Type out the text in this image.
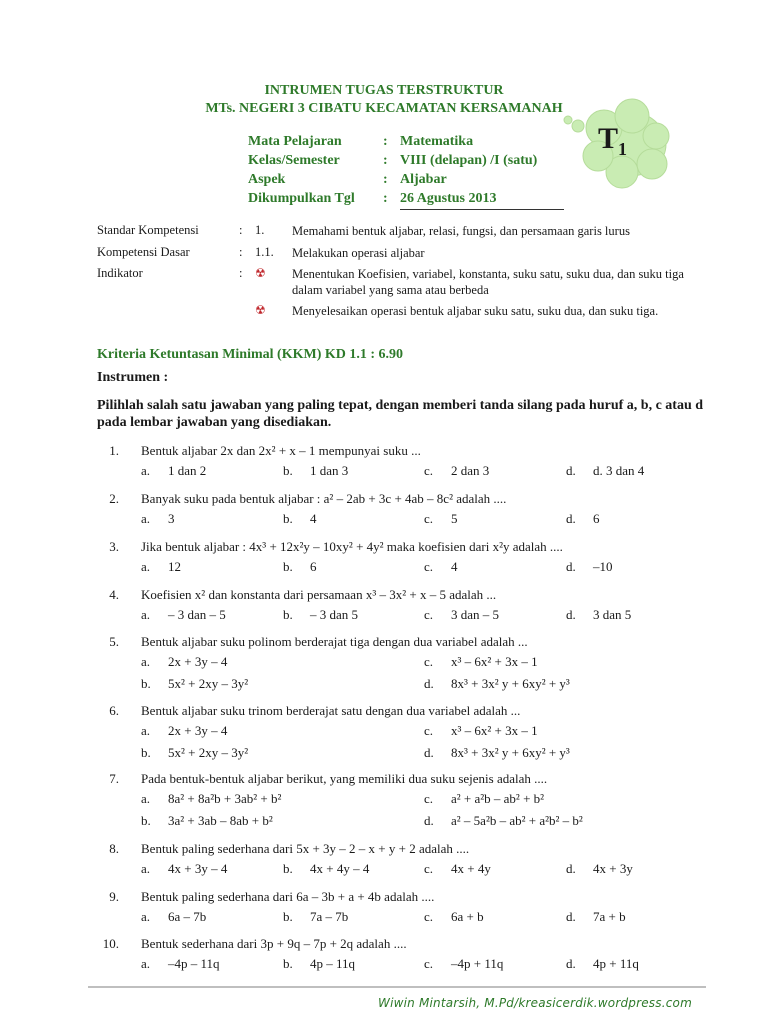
INTRUMEN TUGAS TERSTRUKTUR
MTs. NEGERI 3 CIBATU KECAMATAN KERSAMANAH
$T_1$
Mata Pelajaran	: Matematika
Kelas/Semester	: VIII (delapan) /I (satu)
Aspek	: Aljabar
Dikumpulkan Tgl	: 26 Agustus 2013
Standar Kompetensi	:	1.	Memahami bentuk aljabar, relasi, fungsi, dan persamaan garis lurus
Kompetensi Dasar	:	1.1.	Melakukan operasi aljabar
Indikator	:	☢	Menentukan Koefisien, variabel, konstanta, suku satu, suku dua, dan suku tiga dalam variabel yang sama atau berbeda
☢	Menyelesaikan operasi bentuk aljabar suku satu, suku dua, dan suku tiga.
Kriteria Ketuntasan Minimal (KKM) KD 1.1 : 6.90
Instrumen :
Pilihlah salah satu jawaban yang paling tepat, dengan memberi tanda silang pada huruf a, b, c atau d pada lembar jawaban yang disediakan.
1.	Bentuk aljabar 2x dan 2x² + x – 1 mempunyai suku ...
a.	1 dan 2	b.	1 dan 3	c.	2 dan 3	d.	d. 3 dan 4
2.	Banyak suku pada bentuk aljabar : a² – 2ab + 3c + 4ab – 8c² adalah ....
a.	3	b.	4	c.	5	d.	6
3.	Jika bentuk aljabar : 4x³ + 12x²y – 10xy² + 4y² maka koefisien dari x²y adalah ....
a.	12	b.	6	c.	4	d.	–10
4.	Koefisien x² dan konstanta dari persamaan x³ – 3x² + x – 5 adalah ...
a.	– 3 dan – 5	b.	– 3 dan 5	c.	3 dan – 5	d.	3 dan 5
5.	Bentuk aljabar suku polinom berderajat tiga dengan dua variabel adalah ...
a.	2x + 3y – 4	c.	x³ – 6x² + 3x – 1
b.	5x² + 2xy – 3y²	d.	8x³ + 3x² y + 6xy² + y³
6.	Bentuk aljabar suku trinom berderajat satu dengan dua variabel adalah ...
a.	2x + 3y – 4	c.	x³ – 6x² + 3x – 1
b.	5x² + 2xy – 3y²	d.	8x³ + 3x² y + 6xy² + y³
7.	Pada bentuk-bentuk aljabar berikut, yang memiliki dua suku sejenis adalah ....
a.	8a² + 8a²b + 3ab² + b²	c.	a² + a²b – ab² + b²
b.	3a² + 3ab – 8ab + b²	d.	a² – 5a²b – ab² + a²b² – b²
8.	Bentuk paling sederhana dari 5x + 3y – 2 – x + y + 2 adalah ....
a.	4x + 3y – 4	b.	4x + 4y – 4	c.	4x + 4y	d.	4x + 3y
9.	Bentuk paling sederhana dari 6a – 3b + a + 4b adalah ....
a.	6a – 7b	b.	7a – 7b	c.	6a + b	d.	7a + b
10.	Bentuk sederhana dari 3p + 9q – 7p + 2q adalah ....
a.	–4p – 11q	b.	4p – 11q	c.	–4p + 11q	d.	4p + 11q
Wiwin Mintarsih, M.Pd/kreasicerdik.wordpress.com
